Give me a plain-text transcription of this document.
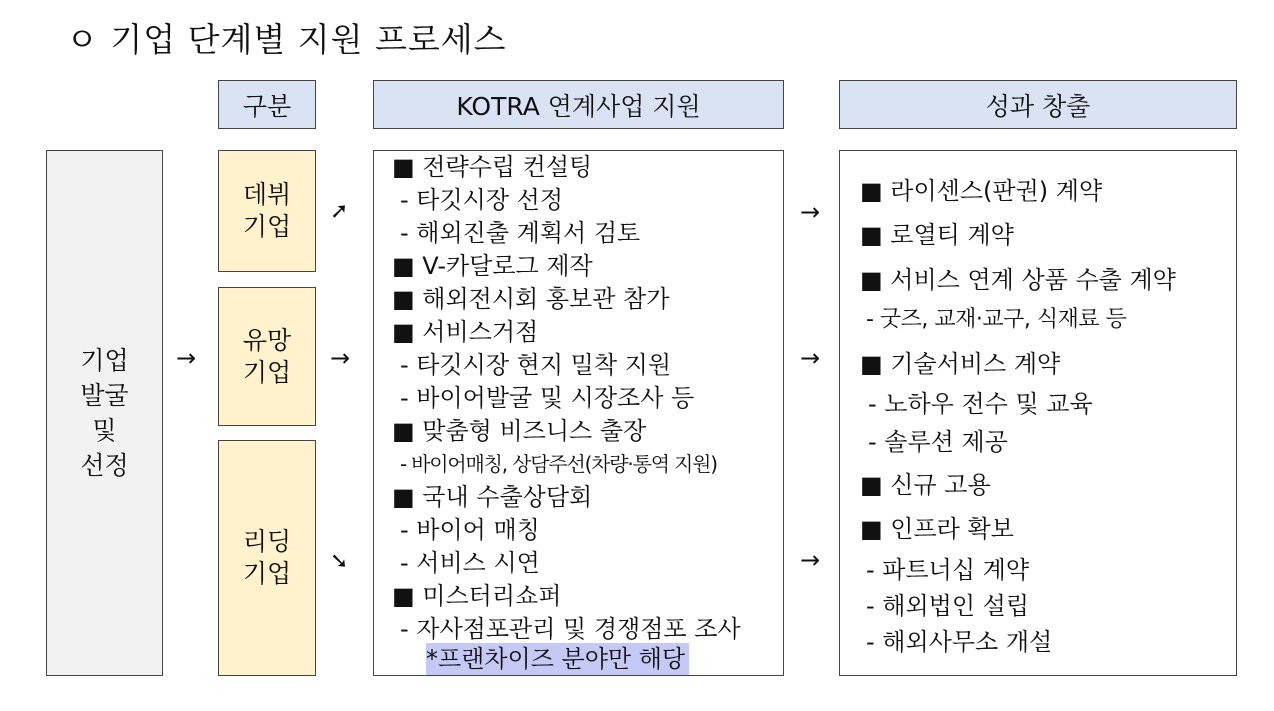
ㅇ 기업 단계별 지원 프로세스
구분	KOTRA 연계사업 지원	성과 창출
기업
발굴
및
선정
→
데뷔
기업
유망
기업
리딩
기업
➚
→
➘
■ 전략수립 컨설팅
- 타깃시장 선정
- 해외진출 계획서 검토
■ V-카달로그 제작
■ 해외전시회 홍보관 참가
■ 서비스거점
- 타깃시장 현지 밀착 지원
- 바이어발굴 및 시장조사 등
■ 맞춤형 비즈니스 출장
- 바이어매칭, 상담주선(차량·통역 지원)
■ 국내 수출상담회
- 바이어 매칭
- 서비스 시연
■ 미스터리쇼퍼
- 자사점포관리 및 경쟁점포 조사
*프랜차이즈 분야만 해당
→
→
→
■ 라이센스(판권) 계약
■ 로열티 계약
■ 서비스 연계 상품 수출 계약
- 굿즈, 교재·교구, 식재료 등
■ 기술서비스 계약
- 노하우 전수 및 교육
- 솔루션 제공
■ 신규 고용
■ 인프라 확보
- 파트너십 계약
- 해외법인 설립
- 해외사무소 개설
